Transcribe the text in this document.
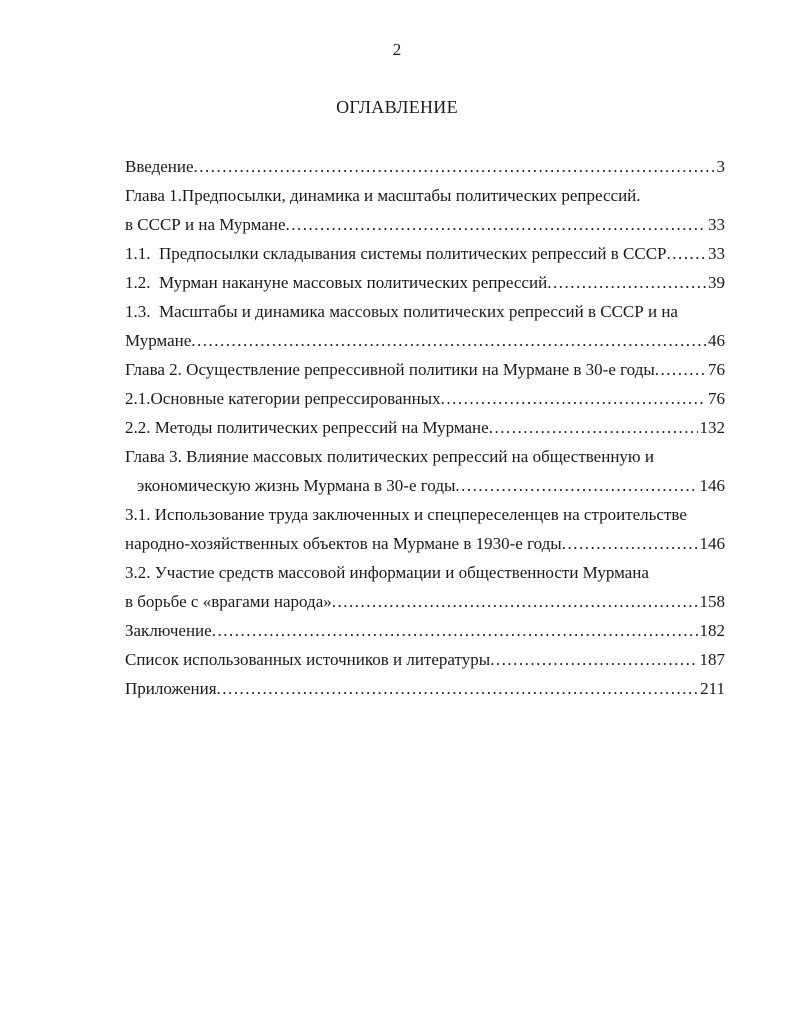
2
ОГЛАВЛЕНИЕ
Введение .....	3
Глава 1.Предпосылки, динамика и масштабы политических репрессий.
в СССР и на Мурмане .....	33
1.1.  Предпосылки складывания системы политических репрессий в СССР ..... 33
1.2.  Мурман накануне массовых политических репрессий .....	39
1.3.  Масштабы и динамика массовых политических репрессий в СССР и на
Мурмане .....	46
Глава 2. Осуществление репрессивной политики на Мурмане в 30-е годы .....	76
2.1.Основные категории репрессированных .....	76
2.2. Методы политических репрессий на Мурмане .....	132
Глава 3. Влияние массовых политических репрессий на общественную и
экономическую жизнь Мурмана в 30-е годы .....	146
3.1. Использование труда заключенных и спецпереселенцев на строительстве
народно-хозяйственных объектов на Мурмане в 1930-е годы .....	146
3.2. Участие средств массовой информации и общественности Мурмана
в борьбе с «врагами народа» .....	158
Заключение .....	182
Список использованных источников и литературы .....	187
Приложения .....	211
